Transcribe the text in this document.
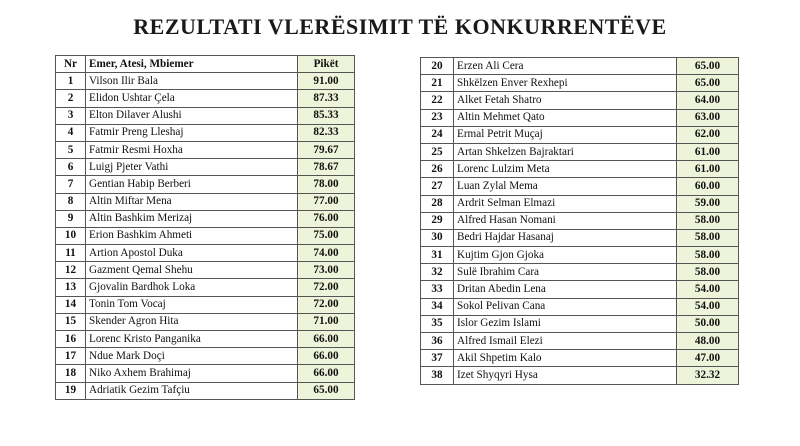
REZULTATI VLERËSIMIT TË KONKURRENTËVE
Nr	Emer, Atesi, Mbiemer	Pikët
1	Vilson Ilir Bala	91.00
2	Elidon Ushtar Çela	87.33
3	Elton Dilaver Alushi	85.33
4	Fatmir Preng Lleshaj	82.33
5	Fatmir Resmi Hoxha	79.67
6	Luigj Pjeter Vathi	78.67
7	Gentian Habip Berberi	78.00
8	Altin Miftar Mena	77.00
9	Altin Bashkim Merizaj	76.00
10	Erion Bashkim Ahmeti	75.00
11	Artion Apostol Duka	74.00
12	Gazment Qemal Shehu	73.00
13	Gjovalin Bardhok Loka	72.00
14	Tonin Tom Vocaj	72.00
15	Skender Agron Hita	71.00
16	Lorenc Kristo Panganika	66.00
17	Ndue Mark Doçi	66.00
18	Niko Axhem Brahimaj	66.00
19	Adriatik Gezim Tafçiu	65.00
20	Erzen Ali Cera	65.00
21	Shkëlzen Enver Rexhepi	65.00
22	Alket Fetah Shatro	64.00
23	Altin Mehmet Qato	63.00
24	Ermal Petrit Muçaj	62.00
25	Artan Shkelzen Bajraktari	61.00
26	Lorenc Lulzim Meta	61.00
27	Luan Zylal Mema	60.00
28	Ardrit Selman Elmazi	59.00
29	Alfred Hasan Nomani	58.00
30	Bedri Hajdar Hasanaj	58.00
31	Kujtim Gjon Gjoka	58.00
32	Sulë Ibrahim Cara	58.00
33	Dritan Abedin Lena	54.00
34	Sokol Pelivan Cana	54.00
35	Islor Gezim Islami	50.00
36	Alfred Ismail Elezi	48.00
37	Akil Shpetim Kalo	47.00
38	Izet Shyqyri Hysa	32.32
